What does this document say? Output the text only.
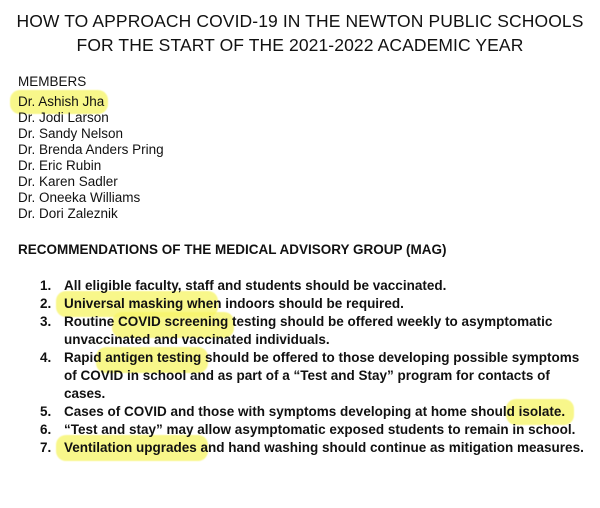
HOW TO APPROACH COVID-19 IN THE NEWTON PUBLIC SCHOOLS
FOR THE START OF THE 2021-2022 ACADEMIC YEAR
MEMBERS
Dr. Ashish Jha
Dr. Jodi Larson
Dr. Sandy Nelson
Dr. Brenda Anders Pring
Dr. Eric Rubin
Dr. Karen Sadler
Dr. Oneeka Williams
Dr. Dori Zaleznik
RECOMMENDATIONS OF THE MEDICAL ADVISORY GROUP (MAG)
1. All eligible faculty, staff and students should be vaccinated.
2. Universal masking when indoors should be required.
3. Routine COVID screening testing should be offered weekly to asymptomatic
unvaccinated and vaccinated individuals.
4. Rapid antigen testing should be offered to those developing possible symptoms
of COVID in school and as part of a “Test and Stay” program for contacts of
cases.
5. Cases of COVID and those with symptoms developing at home should isolate.
6. “Test and stay” may allow asymptomatic exposed students to remain in school.
7. Ventilation upgrades and hand washing should continue as mitigation measures.
